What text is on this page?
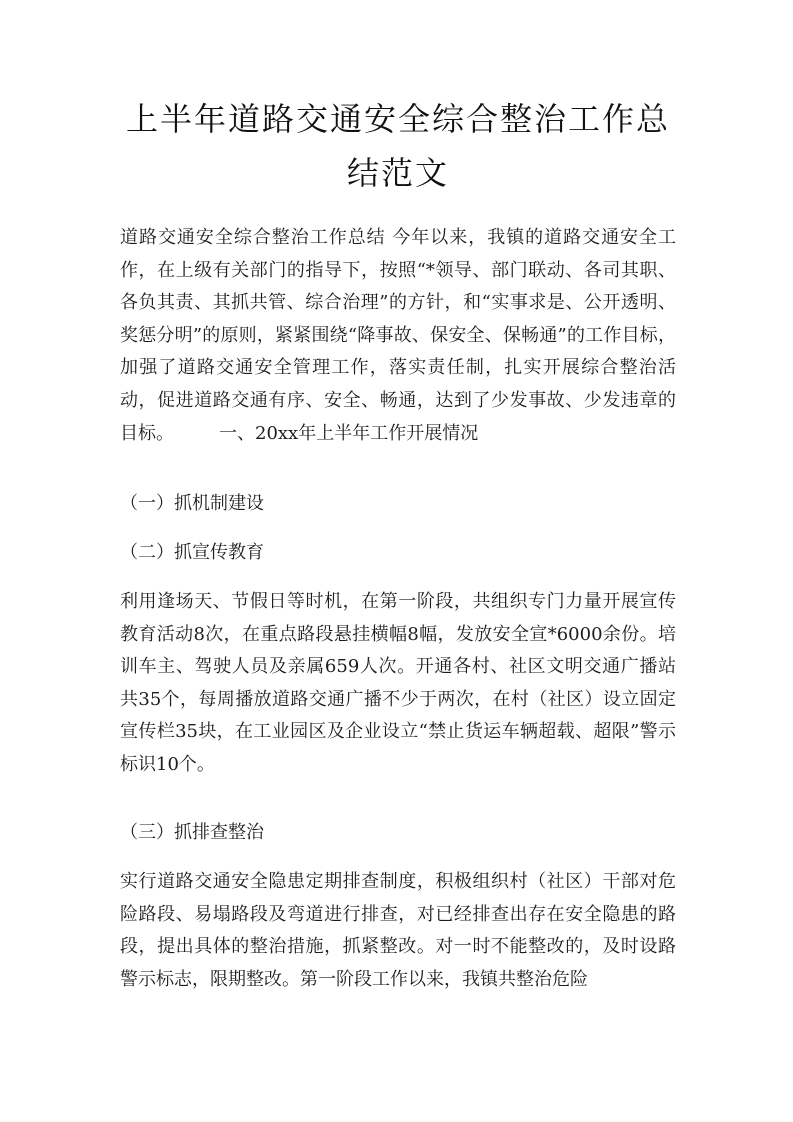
上半年道路交通安全综合整治工作总结范文

道路交通安全综合整治工作总结 今年以来，我镇的道路交通安全工作，在上级有关部门的指导下，按照“*领导、部门联动、各司其职、各负其责、其抓共管、综合治理”的方针，和“实事求是、公开透明、奖惩分明”的原则，紧紧围绕“降事故、保安全、保畅通”的工作目标，加强了道路交通安全管理工作，落实责任制，扎实开展综合整治活动，促进道路交通有序、安全、畅通，达到了少发事故、少发违章的目标。　　　一、20xx年上半年工作开展情况

（一）抓机制建设

（二）抓宣传教育

利用逢场天、节假日等时机，在第一阶段，共组织专门力量开展宣传教育活动8次，在重点路段悬挂横幅8幅，发放安全宣*6000余份。培训车主、驾驶人员及亲属659人次。开通各村、社区文明交通广播站共35个，每周播放道路交通广播不少于两次，在村（社区）设立固定宣传栏35块，在工业园区及企业设立“禁止货运车辆超载、超限”警示标识10个。

（三）抓排查整治

实行道路交通安全隐患定期排查制度，积极组织村（社区）干部对危险路段、易塌路段及弯道进行排查，对已经排查出存在安全隐患的路段，提出具体的整治措施，抓紧整改。对一时不能整改的，及时设路警示标志，限期整改。第一阶段工作以来，我镇共整治危险
